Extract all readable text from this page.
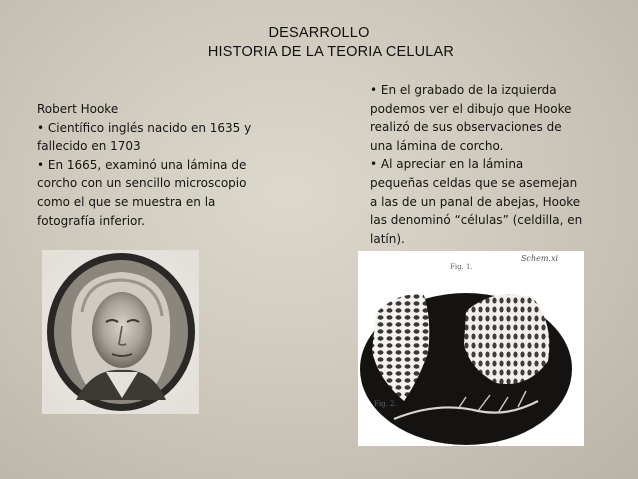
DESARROLLO
HISTORIA DE LA TEORIA CELULAR
Robert Hooke
• Científico inglés nacido en 1635 y
fallecido en 1703
• En 1665, examinó una lámina de
corcho con un sencillo microscopio
como el que se muestra en la
fotografía inferior.
• En el grabado de la izquierda
podemos ver el dibujo que Hooke
realizó de sus observaciones de
una lámina de corcho.
• Al apreciar en la lámina
pequeñas celdas que se asemejan
a las de un panal de abejas, Hooke
las denominó “células” (celdilla, en
latín).
Fig. 2.
Fig. 1.
Schem.xi
